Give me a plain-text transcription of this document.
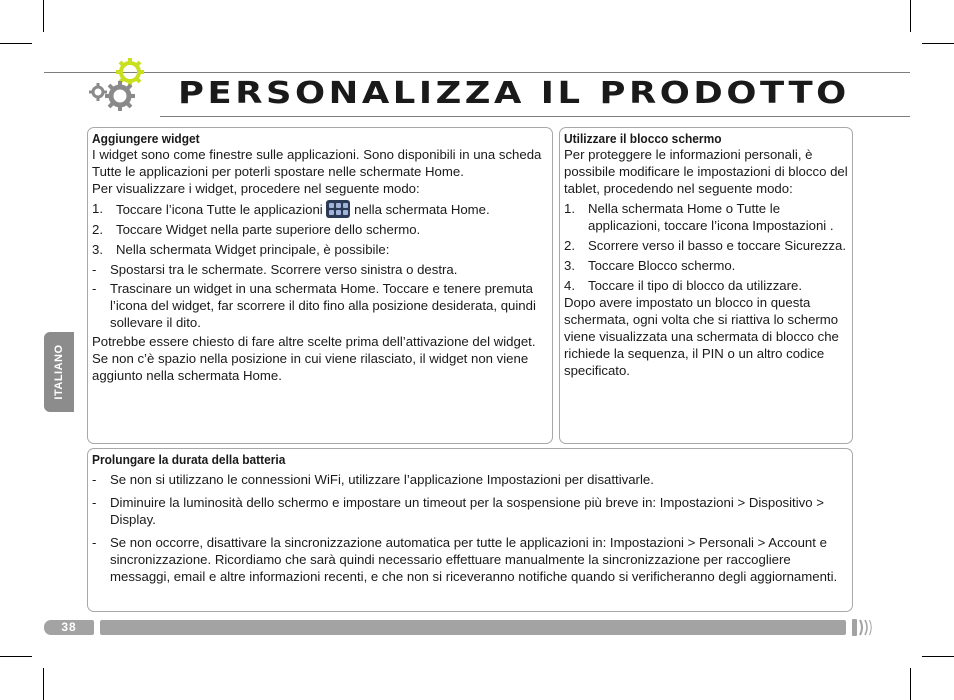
PERSONALIZZA IL PRODOTTO
ITALIANO
Aggiungere widget

I widget sono come finestre sulle applicazioni. Sono disponibili in una scheda Tutte le applicazioni per poterli spostare nelle schermate Home.

Per visualizzare i widget, procedere nel seguente modo:

1. Toccare l’icona Tutte le applicazioni nella schermata Home.
2. Toccare Widget nella parte superiore dello schermo.
3. Nella schermata Widget principale, è possibile:
- Spostarsi tra le schermate. Scorrere verso sinistra o destra.
- Trascinare un widget in una schermata Home. Toccare e tenere premuta l’icona del widget, far scorrere il dito fino alla posizione desiderata, quindi sollevare il dito.

Potrebbe essere chiesto di fare altre scelte prima dell’attivazione del widget. Se non c’è spazio nella posizione in cui viene rilasciato, il widget non viene aggiunto nella schermata Home.

Utilizzare il blocco schermo

Per proteggere le informazioni personali, è possibile modificare le impostazioni di blocco del tablet, procedendo nel seguente modo:

1. Nella schermata Home o Tutte le applicazioni, toccare l’icona Impostazioni .
2. Scorrere verso il basso e toccare Sicurezza.
3. Toccare Blocco schermo.
4. Toccare il tipo di blocco da utilizzare.

Dopo avere impostato un blocco in questa schermata, ogni volta che si riattiva lo schermo viene visualizzata una schermata di blocco che richiede la sequenza, il PIN o un altro codice specificato.

Prolungare la durata della batteria
- Se non si utilizzano le connessioni WiFi, utilizzare l’applicazione Impostazioni per disattivarle.
- Diminuire la luminosità dello schermo e impostare un timeout per la sospensione più breve in: Impostazioni > Dispositivo > Display.
- Se non occorre, disattivare la sincronizzazione automatica per tutte le applicazioni in: Impostazioni > Personali > Account e sincronizzazione. Ricordiamo che sarà quindi necessario effettuare manualmente la sincronizzazione per raccogliere messaggi, email e altre informazioni recenti, e che non si riceveranno notifiche quando si verificheranno degli aggiornamenti.
38
